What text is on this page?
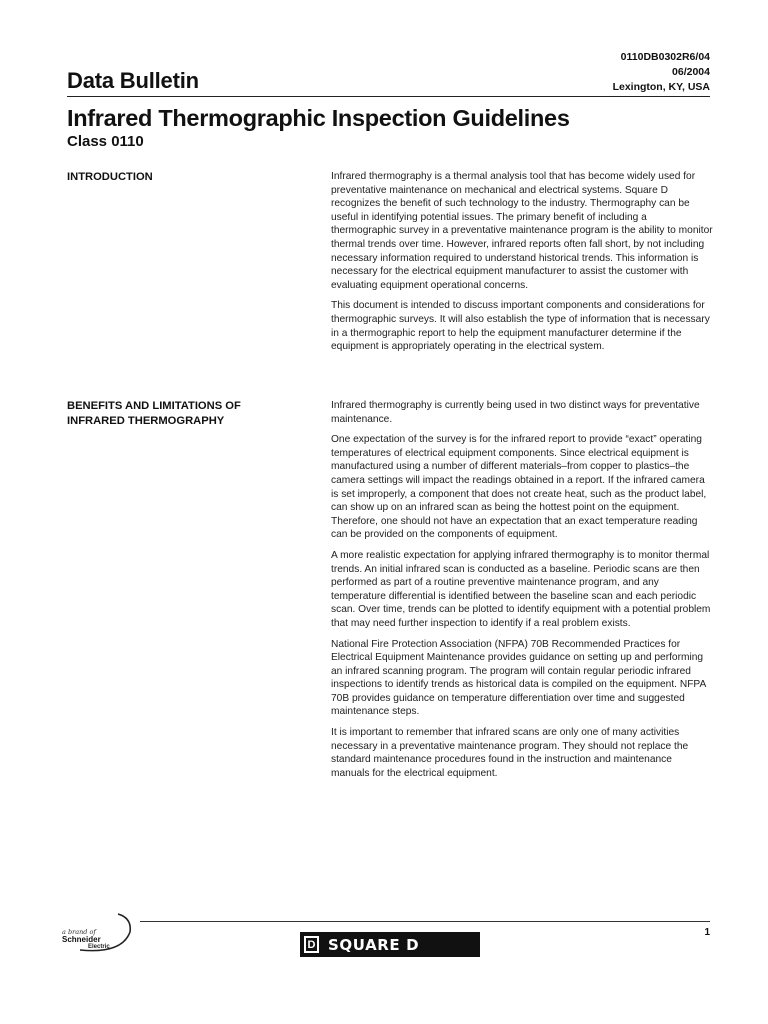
0110DB0302R6/04
06/2004
Lexington, KY, USA
Data Bulletin
Infrared Thermographic Inspection Guidelines
Class 0110
INTRODUCTION	Infrared thermography is a thermal analysis tool that has become widely used for preventative maintenance on mechanical and electrical systems. Square D recognizes the benefit of such technology to the industry. Thermography can be useful in identifying potential issues. The primary benefit of including a thermographic survey in a preventative maintenance program is the ability to monitor thermal trends over time. However, infrared reports often fall short, by not including necessary information required to understand historical trends. This information is necessary for the electrical equipment manufacturer to assist the customer with evaluating equipment operational concerns.

This document is intended to discuss important components and considerations for thermographic surveys. It will also establish the type of information that is necessary in a thermographic report to help the equipment manufacturer determine if the equipment is appropriately operating in the electrical system.

BENEFITS AND LIMITATIONS OF INFRARED THERMOGRAPHY

Infrared thermography is currently being used in two distinct ways for preventative maintenance.

One expectation of the survey is for the infrared report to provide “exact” operating temperatures of electrical equipment components. Since electrical equipment is manufactured using a number of different materials–from copper to plastics–the camera settings will impact the readings obtained in a report. If the infrared camera is set improperly, a component that does not create heat, such as the product label, can show up on an infrared scan as being the hottest point on the equipment. Therefore, one should not have an expectation that an exact temperature reading can be provided on the components of equipment.

A more realistic expectation for applying infrared thermography is to monitor thermal trends. An initial infrared scan is conducted as a baseline. Periodic scans are then performed as part of a routine preventive maintenance program, and any temperature differential is identified between the baseline scan and each periodic scan. Over time, trends can be plotted to identify equipment with a potential problem that may need further inspection to identify if a real problem exists.

National Fire Protection Association (NFPA) 70B Recommended Practices for Electrical Equipment Maintenance provides guidance on setting up and performing an infrared scanning program. The program will contain regular periodic infrared inspections to identify trends as historical data is compiled on the equipment. NFPA 70B provides guidance on temperature differentiation over time and suggested maintenance steps.

It is important to remember that infrared scans are only one of many activities necessary in a preventative maintenance program. They should not replace the standard maintenance procedures found in the instruction and maintenance manuals for the electrical equipment.

1
a brand of
Schneider
Electric	D SQUARE D
